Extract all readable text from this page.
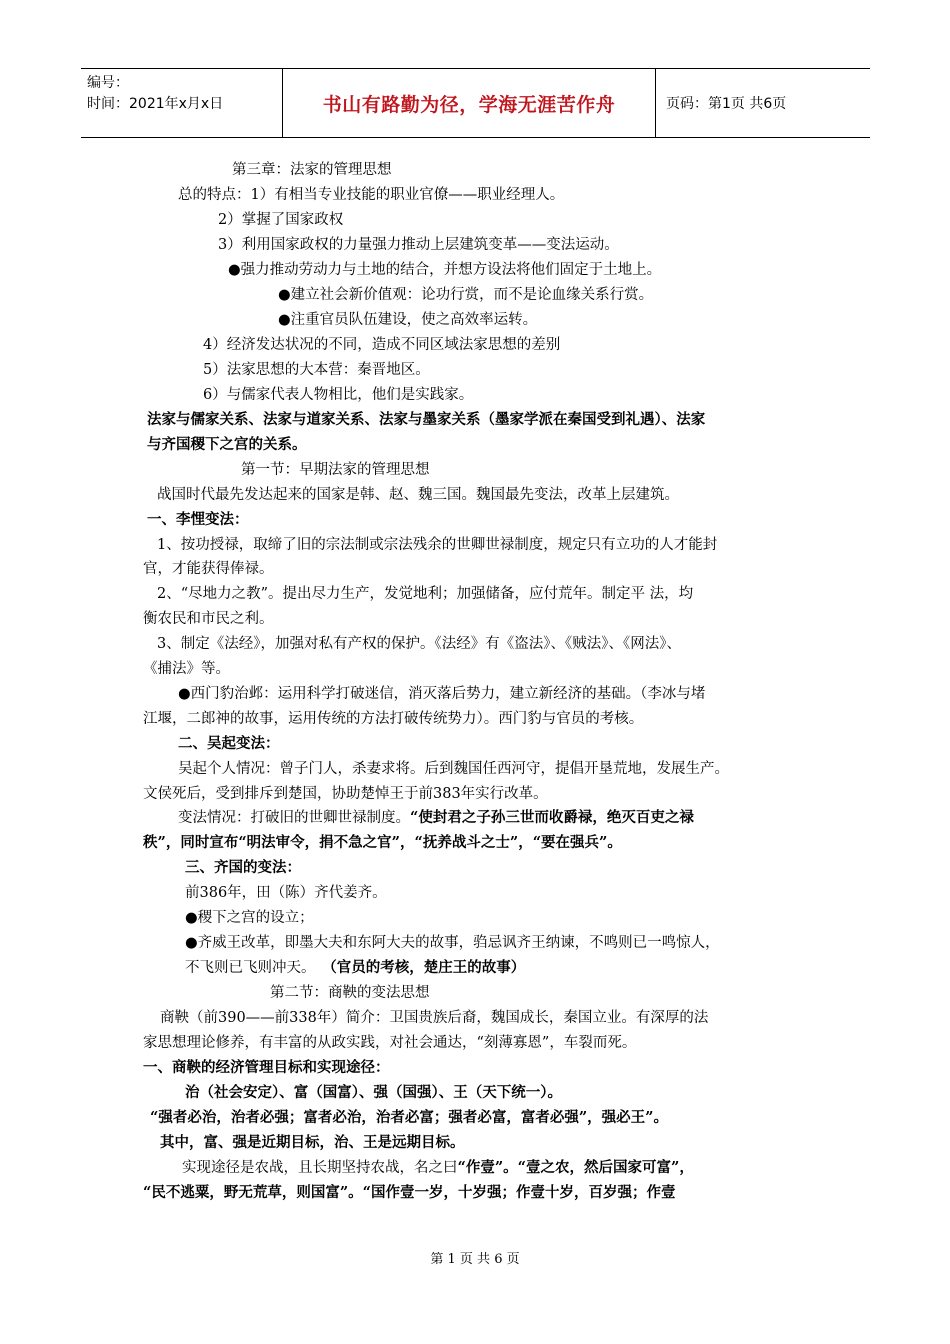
编号：
时间：2021年x月x日	书山有路勤为径，学海无涯苦作舟	页码：第1页 共6页
第三章：法家的管理思想
总的特点：1）有相当专业技能的职业官僚——职业经理人。
2）掌握了国家政权
3）利用国家政权的力量强力推动上层建筑变革——变法运动。
●强力推动劳动力与土地的结合，并想方设法将他们固定于土地上。
●建立社会新价值观：论功行赏，而不是论血缘关系行赏。
●注重官员队伍建设，使之高效率运转。
4）经济发达状况的不同，造成不同区域法家思想的差别
5）法家思想的大本营：秦晋地区。
6）与儒家代表人物相比，他们是实践家。
法家与儒家关系、法家与道家关系、法家与墨家关系（墨家学派在秦国受到礼遇）、法家
与齐国稷下之宫的关系。
第一节：早期法家的管理思想
战国时代最先发达起来的国家是韩、赵、魏三国。魏国最先变法，改革上层建筑。
一、李悝变法：
1、按功授禄，取缔了旧的宗法制或宗法残余的世卿世禄制度，规定只有立功的人才能封
官，才能获得俸禄。
2、“尽地力之教”。提出尽力生产，发觉地利；加强储备，应付荒年。制定平 法，均
衡农民和市民之利。
3、制定《法经》，加强对私有产权的保护。《法经》有《盗法》、《贼法》、《网法》、
《捕法》等。
●西门豹治邺：运用科学打破迷信，消灭落后势力，建立新经济的基础。（李冰与堵
江堰，二郎神的故事，运用传统的方法打破传统势力）。西门豹与官员的考核。
二、吴起变法：
吴起个人情况：曾子门人，杀妻求将。后到魏国任西河守，提倡开垦荒地，发展生产。
文侯死后，受到排斥到楚国，协助楚悼王于前383年实行改革。
变法情况：打破旧的世卿世禄制度。“使封君之子孙三世而收爵禄，绝灭百吏之禄
秩”，同时宣布“明法审令，捐不急之官”，“抚养战斗之士”，“要在强兵”。
三、齐国的变法：
前386年，田（陈）齐代姜齐。
●稷下之宫的设立；
●齐威王改革，即墨大夫和东阿大夫的故事，驺忌讽齐王纳谏，不鸣则已一鸣惊人，
不飞则已飞则冲天。 （官员的考核，楚庄王的故事）
第二节：商鞅的变法思想
商鞅（前390——前338年）简介：卫国贵族后裔，魏国成长，秦国立业。有深厚的法
家思想理论修养，有丰富的从政实践，对社会通达，“刻薄寡恩”，车裂而死。
一、商鞅的经济管理目标和实现途径：
治（社会安定）、富（国富）、强（国强）、王（天下统一）。
“强者必治，治者必强；富者必治，治者必富；强者必富，富者必强”，强必王”。
其中，富、强是近期目标，治、王是远期目标。
实现途径是农战，且长期坚持农战，名之曰“作壹”。“壹之农，然后国家可富”，
“民不逃粟，野无荒草，则国富”。“国作壹一岁，十岁强；作壹十岁，百岁强；作壹
第 1 页 共 6 页
